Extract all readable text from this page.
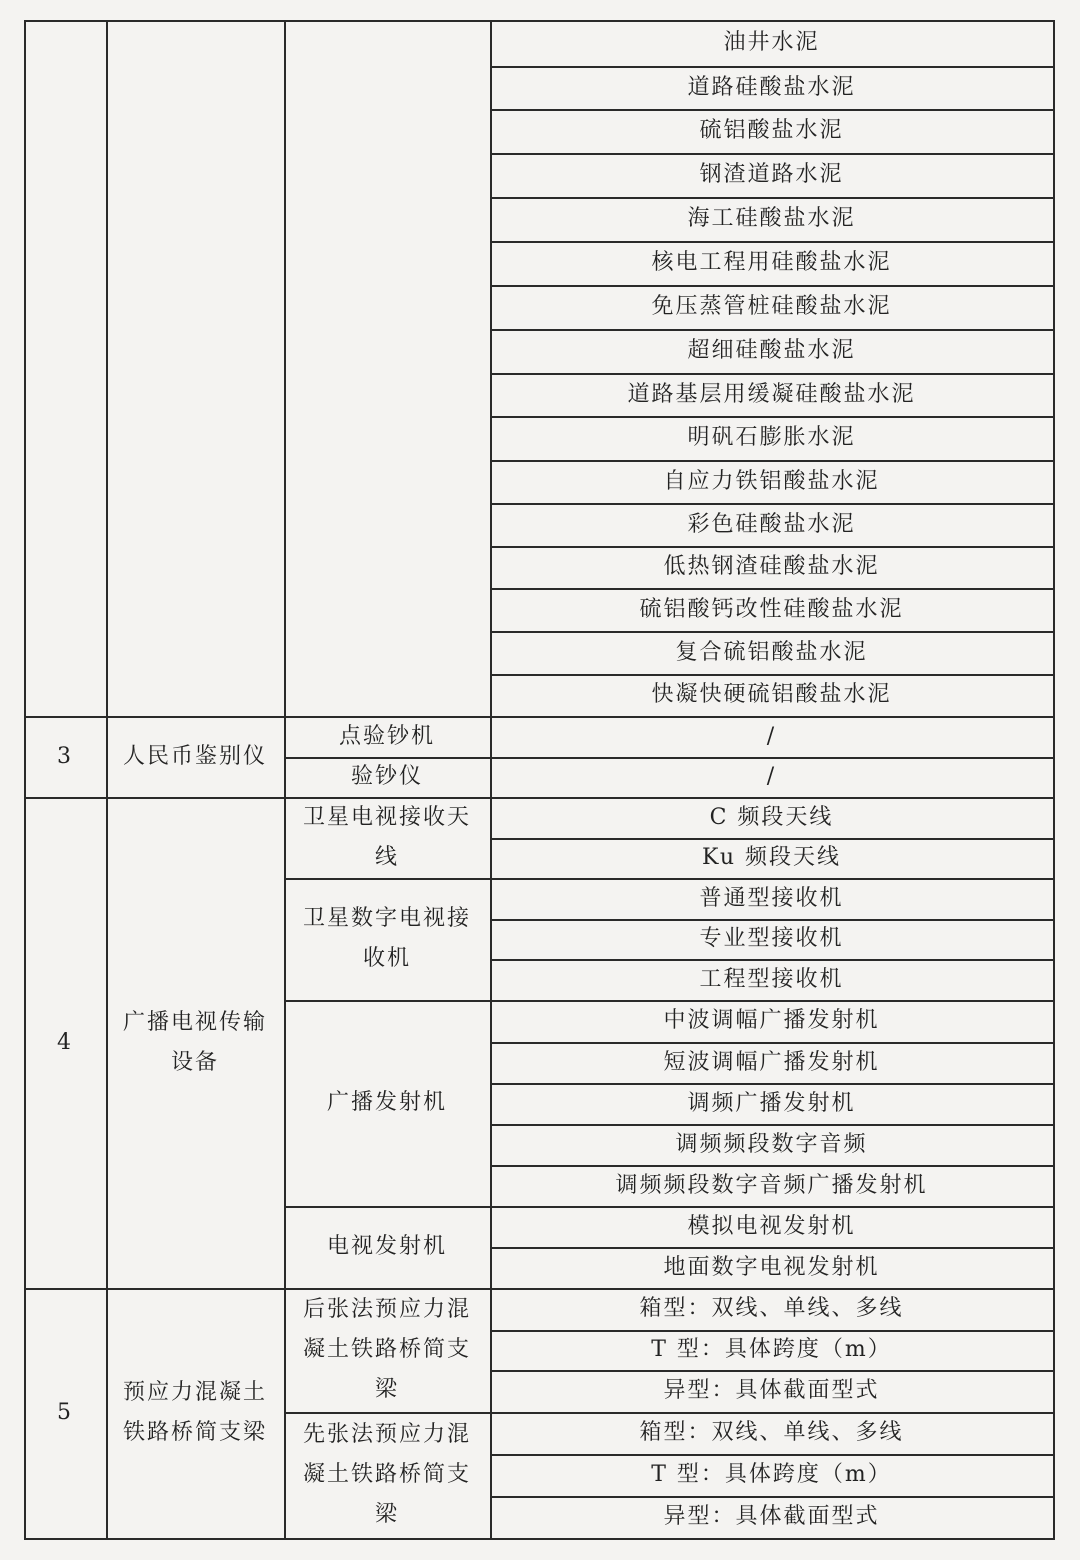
油井水泥
道路硅酸盐水泥
硫铝酸盐水泥
钢渣道路水泥
海工硅酸盐水泥
核电工程用硅酸盐水泥
免压蒸管桩硅酸盐水泥
超细硅酸盐水泥
道路基层用缓凝硅酸盐水泥
明矾石膨胀水泥
自应力铁铝酸盐水泥
彩色硅酸盐水泥
低热钢渣硅酸盐水泥
硫铝酸钙改性硅酸盐水泥
复合硫铝酸盐水泥
快凝快硬硫铝酸盐水泥
/
点验钞机
/
验钞仪
3 人民币鉴别仪
C 频段天线
Ku 频段天线
卫星电视接收天线
普通型接收机
专业型接收机
工程型接收机
卫星数字电视接收机
中波调幅广播发射机
短波调幅广播发射机
调频广播发射机
调频频段数字音频
调频频段数字音频广播发射机
广播发射机
模拟电视发射机
地面数字电视发射机
电视发射机
4
广播电视传输设备
箱型：双线、单线、多线
T 型：具体跨度（m）
异型：具体截面型式
后张法预应力混凝土铁路桥简支梁
箱型：双线、单线、多线
T 型：具体跨度（m）
异型：具体截面型式
先张法预应力混凝土铁路桥简支梁
5
预应力混凝土铁路桥简支梁
